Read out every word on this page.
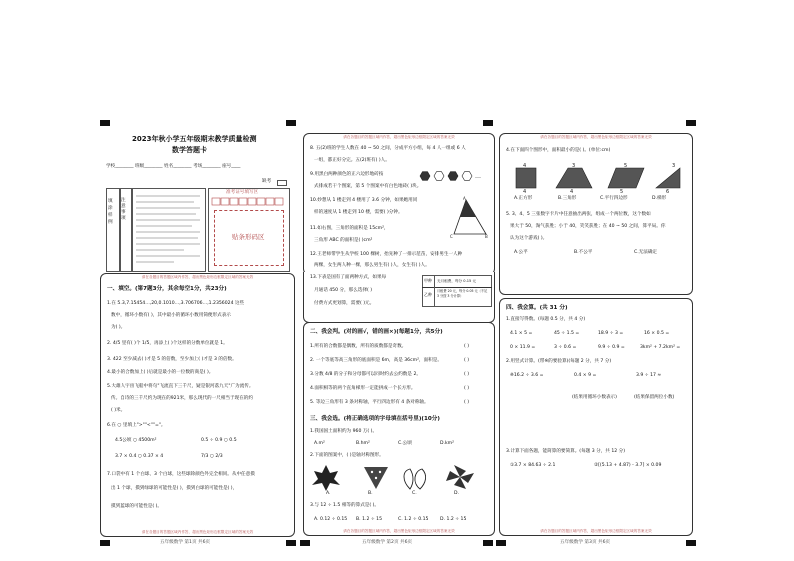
五年级数学 第1页 共6页	五年级数学 第2页 共6页	五年级数学 第3页 共6页
2023年秋小学五年级期末教学质量检测
数学答题卡
学校________ 班级________ 姓名________ 考场________ 座号____
缺考
填涂样例
注意事项
准考证号填写区
贴条形码区
请在各题目的答题区域内作答，超出黑色矩形边框限定区域的答案无效
请在各题目的答题区域内作答，超出黑色矩形边框限定区域的答案无效
一、填空。(第7题3分，其余每空1分，共23分)
1.在 5.3,7.15454…,20,0.1010…,3.706706…,1.2356024 这些
数中，循环小数有( )，其中最小的循环小数用简便形式表示
为( )。
2. 4/5 里有( )个 1/5，再添上( )个这样的分数单位就是 1。
3. 422 至少减去( )才是 5 的倍数，至少加上( )才是 3 的倍数。
4.最小的合数加上( )后就是最小的一位数的商是( )。
5.大雄人宇宙飞船中将句"飞流直下三千尺，疑是银河落九天"广为流传。
传。自诗的三千尺约为现在的921米，那么现代的一尺相当于现在的约
( )米。
6.在 ○ 里填上">""<""="。
4.5公顷 ○ 4500m²	0.5 ÷ 0.9 ○ 0.5
3.7 × 0.4 ○ 0.37 × 4	7/3 ○ 2/3
7.口袋中有 1 个白球、3 个白球，这些球除颜色外完全相同。从中任意摸
出 1 个球，摸到绿球的可能性是( )，摸到白球的可能性是( )，
摸到蓝球的可能性是( )。
请在各题目的答题区域内作答，超出黑色矩形边框限定区域的答案无效
8. 五(2)班的学生人数在 40 ~ 50 之间，分成平方小组，每 4 人一组或 6 人
一组，都正好分完。五(2)班有( )人。
9.用黑白两种颜色的正六边形地砖按	…
式排成若干个图案，第 5 个图案中有白色地砖( )块。
10.妙想从 1 楼走到 4 楼用了 3.6 分钟，如果她用同
样的速度从 1 楼走到 10 楼，需要( )分钟。
A
C	B
11.如右图，三角形的面积是 15cm²，
三角形 ABC 的面积是( )cm²
12.王老师带学生从学校 100 棵树，抬先种了一排示范苗，安排男生一人种
两棵，女生两人种一棵，那么男生有( )人，女生有( )人。
13.下表是国有了面两种方式，如果每
月通话 450 分，那么选择( )
付费方式更划算，需要( )元。
甲种 无月租费，每分 0.15 元
乙种
月租费 20 元，每分 0.05 元（不足 3 分按 3 分计算）
请在各题目的答题区域内作答，超出黑色矩形边框限定区域的答案无效
二、我会判。(对的画√，错的画×)(每题1分，共5分)
1.所有的合数都是偶数，所有的质数都是奇数。	( )
2. 一个等底等高三角形的底面积是 6m，高是 36cm²，面积是。	( )
3.分数 4/8 的分子和分母都可以同时约去公约数是 2。	( )
4.面积相等的两个直角梯形一定能拼成一个长方形。	( )
5. 等边三角形有 3 条对称轴，平行四边形有 4 条对称轴。	( )
三、我会选。(将正确选项的字母填在括号里)(10分)
1.我国国土面积约为 960 万( )。
A.m²	B.hm²	C.公顷	D.km²
2.下面的图案中，( )是轴对称图形。
A.	B.	C.	D.
3.与 12 ÷ 1.5 相等的算式是( )。
A. 0.12 ÷ 0.15 B. 1.2 ÷ 15	C. 1.2 ÷ 0.15	D. 1.2 ÷ 15
请在各题目的答题区域内作答，超出黑色矩形边框限定区域的答案无效
4.在下面四个图形中，面积最小的是( )。(单位:cm)
4	3	5	3
4	4	5	6
A.正方形	B.三角形	C.平行四边形	D.梯形
5. 3、4、5 三张数字卡片中任意抽出两张，组成一个两位数，这个数如
果大于 50，淘气获胜；小于 40，笑笑获胜；在 40 ~ 50 之间，算平局。你
认为这个游戏( )。
A.公平	B.不公平	C.无法确定
请在各题目的答题区域内作答，超出黑色矩形边框限定区域的答案无效
四、我会算。(共 31 分)
1.直接写得数。(每题 0.5 分，共 4 分)
4.1 × 5 =	45 ÷ 1.5 =	18.9 ÷ 3 =	16 × 0.5 =
0 × 11.9 =	3 ÷ 0.6 =	9.9 ÷ 0.9 =	3km² + 7.2km² =
2.用竖式计算。(带※的要验算)(每题 2 分，共 7 分)
※16.2 ÷ 3.6 =	0.4 × 9 =	3.9 ÷ 17 ≈
(结果用循环小数表示)	(结果保留两位小数)
3.计算下面各题，能简算的要简算。(每题 3 分，共 12 分)
①3.7 × 84.63 ÷ 2.1	②[(5.13 + 4.87) - 3.7] × 0.09
